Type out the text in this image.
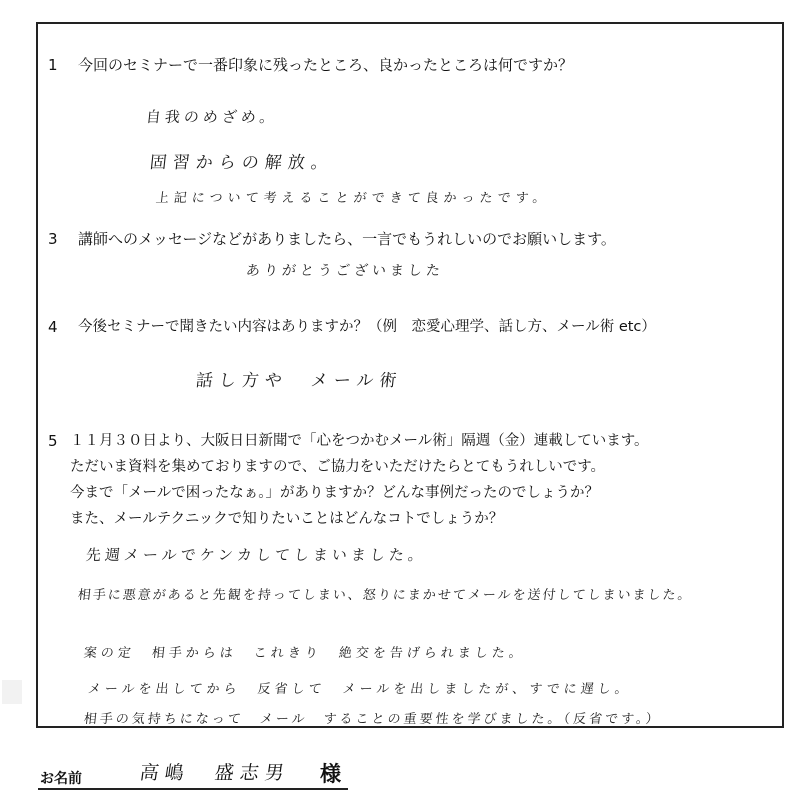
1 今回のセミナーで一番印象に残ったところ、良かったところは何ですか？
自我のめざめ。
固習からの解放。
上記について考えることができて良かったです。
3 講師へのメッセージなどがありましたら、一言でもうれしいのでお願いします。
ありがとうございました
4 今後セミナーで聞きたい内容はありますか？（例　恋愛心理学、話し方、メール術 etc）
話し方や　メール術
5 １１月３０日より、大阪日日新聞で「心をつかむメール術」隔週（金）連載しています。
ただいま資料を集めておりますので、ご協力をいただけたらとてもうれしいです。
今まで「メールで困ったなぁ。」がありますか？どんな事例だったのでしょうか？
また、メールテクニックで知りたいことはどんなコトでしょうか？
先週メールでケンカしてしまいました。
相手に悪意があると先観を持ってしまい、怒りにまかせてメールを送付してしまいました。
案の定　相手からは　これきり　絶交を告げられました。
メールを出してから　反省して　メールを出しましたが、すでに遅し。
相手の気持ちになって　メール　することの重要性を学びました。（反省です。）
お名前	高嶋　盛志男 様
